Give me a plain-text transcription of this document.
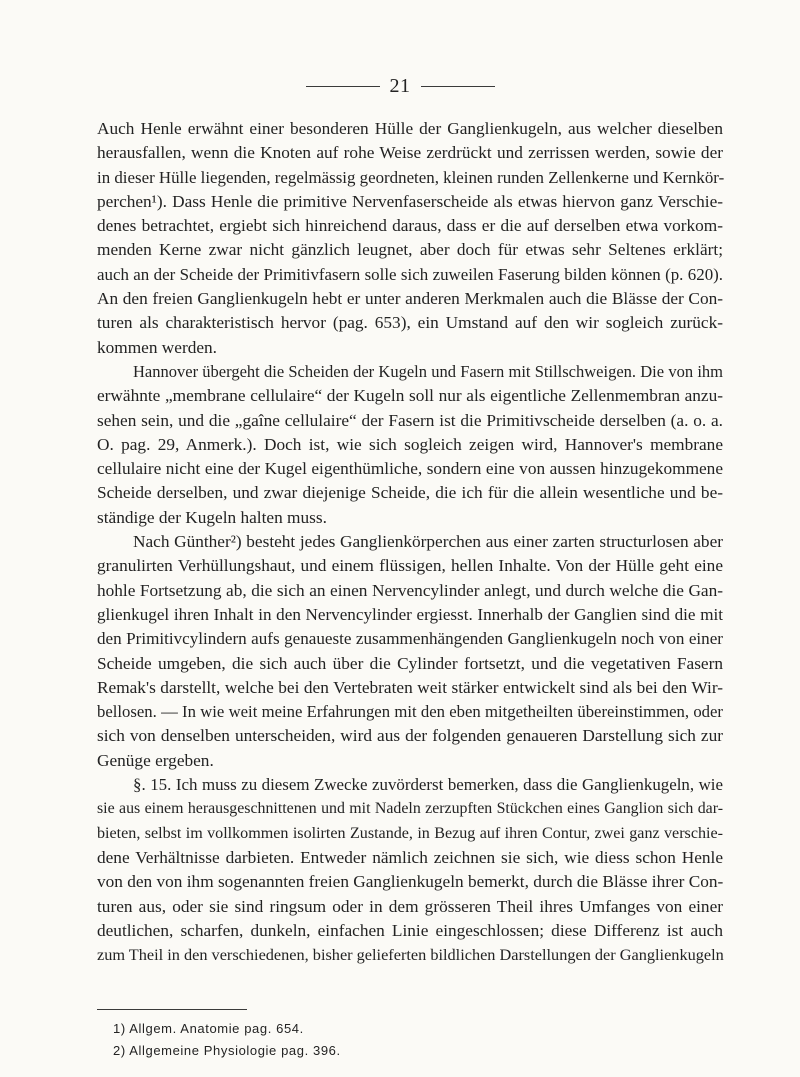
21
Auch Henle erwähnt einer besonderen Hülle der Ganglienkugeln, aus welcher dieselben
herausfallen, wenn die Knoten auf rohe Weise zerdrückt und zerrissen werden, sowie der
in dieser Hülle liegenden, regelmässig geordneten, kleinen runden Zellenkerne und Kernkör-
perchen¹). Dass Henle die primitive Nervenfaserscheide als etwas hiervon ganz Verschie-
denes betrachtet, ergiebt sich hinreichend daraus, dass er die auf derselben etwa vorkom-
menden Kerne zwar nicht gänzlich leugnet, aber doch für etwas sehr Seltenes erklärt;
auch an der Scheide der Primitivfasern solle sich zuweilen Faserung bilden können (p. 620).
An den freien Ganglienkugeln hebt er unter anderen Merkmalen auch die Blässe der Con-
turen als charakteristisch hervor (pag. 653), ein Umstand auf den wir sogleich zurück-
kommen werden.
Hannover übergeht die Scheiden der Kugeln und Fasern mit Stillschweigen. Die von ihm
erwähnte „membrane cellulaire“ der Kugeln soll nur als eigentliche Zellenmembran anzu-
sehen sein, und die „gaîne cellulaire“ der Fasern ist die Primitivscheide derselben (a. o. a.
O. pag. 29, Anmerk.). Doch ist, wie sich sogleich zeigen wird, Hannover's membrane
cellulaire nicht eine der Kugel eigenthümliche, sondern eine von aussen hinzugekommene
Scheide derselben, und zwar diejenige Scheide, die ich für die allein wesentliche und be-
ständige der Kugeln halten muss.
Nach Günther²) besteht jedes Ganglienkörperchen aus einer zarten structurlosen aber
granulirten Verhüllungshaut, und einem flüssigen, hellen Inhalte. Von der Hülle geht eine
hohle Fortsetzung ab, die sich an einen Nervencylinder anlegt, und durch welche die Gan-
glienkugel ihren Inhalt in den Nervencylinder ergiesst. Innerhalb der Ganglien sind die mit
den Primitivcylindern aufs genaueste zusammenhängenden Ganglienkugeln noch von einer
Scheide umgeben, die sich auch über die Cylinder fortsetzt, und die vegetativen Fasern
Remak's darstellt, welche bei den Vertebraten weit stärker entwickelt sind als bei den Wir-
bellosen. — In wie weit meine Erfahrungen mit den eben mitgetheilten übereinstimmen, oder
sich von denselben unterscheiden, wird aus der folgenden genaueren Darstellung sich zur
Genüge ergeben.
§. 15. Ich muss zu diesem Zwecke zuvörderst bemerken, dass die Ganglienkugeln, wie
sie aus einem herausgeschnittenen und mit Nadeln zerzupften Stückchen eines Ganglion sich dar-
bieten, selbst im vollkommen isolirten Zustande, in Bezug auf ihren Contur, zwei ganz verschie-
dene Verhältnisse darbieten. Entweder nämlich zeichnen sie sich, wie diess schon Henle
von den von ihm sogenannten freien Ganglienkugeln bemerkt, durch die Blässe ihrer Con-
turen aus, oder sie sind ringsum oder in dem grösseren Theil ihres Umfanges von einer
deutlichen, scharfen, dunkeln, einfachen Linie eingeschlossen; diese Differenz ist auch
zum Theil in den verschiedenen, bisher gelieferten bildlichen Darstellungen der Ganglienkugeln
1) Allgem. Anatomie pag. 654.
2) Allgemeine Physiologie pag. 396.
